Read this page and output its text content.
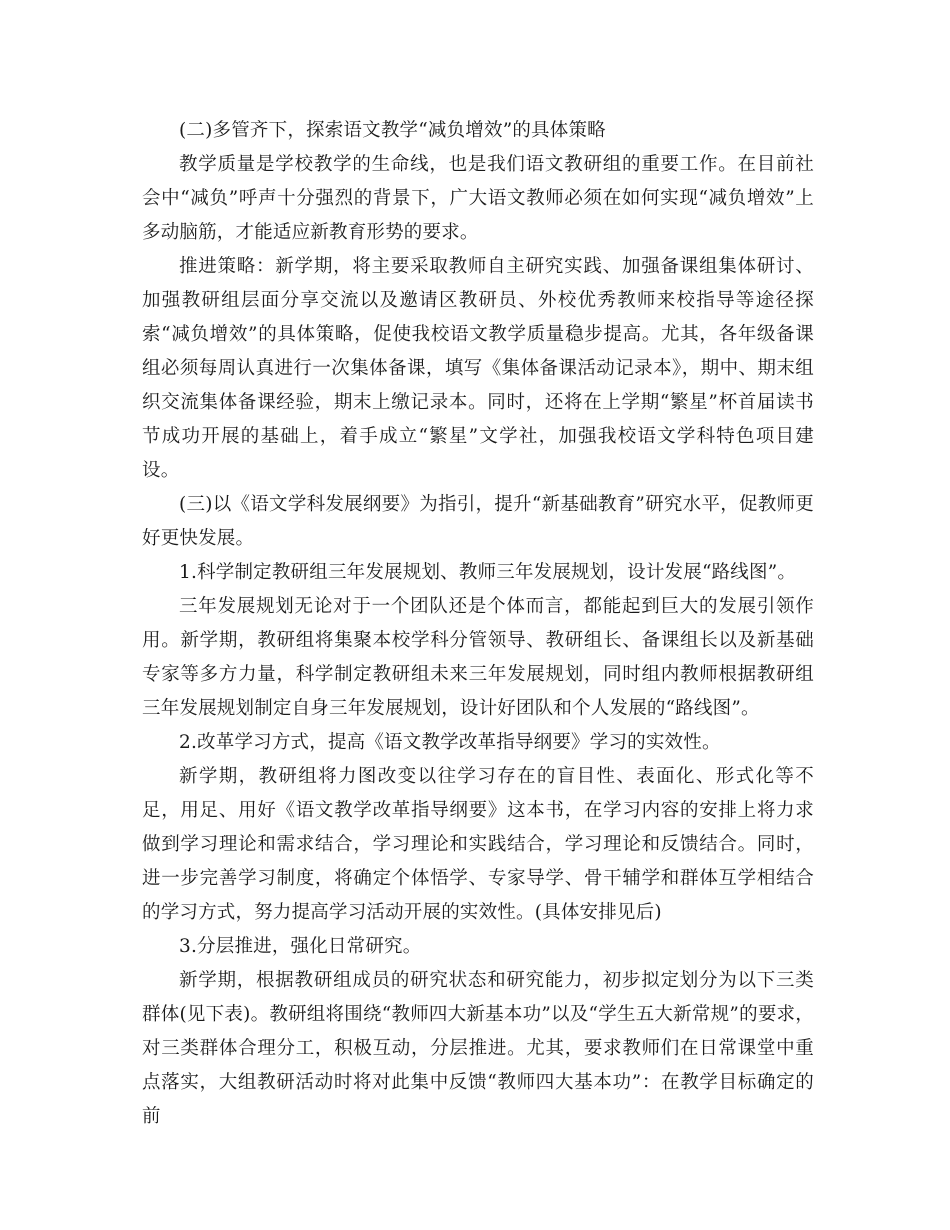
(二)多管齐下，探索语文教学“减负增效”的具体策略

教学质量是学校教学的生命线，也是我们语文教研组的重要工作。在目前社会中“减负”呼声十分强烈的背景下，广大语文教师必须在如何实现“减负增效”上多动脑筋，才能适应新教育形势的要求。

推进策略：新学期，将主要采取教师自主研究实践、加强备课组集体研讨、加强教研组层面分享交流以及邀请区教研员、外校优秀教师来校指导等途径探索“减负增效”的具体策略，促使我校语文教学质量稳步提高。尤其，各年级备课组必须每周认真进行一次集体备课，填写《集体备课活动记录本》，期中、期末组织交流集体备课经验，期末上缴记录本。同时，还将在上学期“繁星”杯首届读书节成功开展的基础上，着手成立“繁星”文学社，加强我校语文学科特色项目建设。

(三)以《语文学科发展纲要》为指引，提升“新基础教育”研究水平，促教师更好更快发展。

1.科学制定教研组三年发展规划、教师三年发展规划，设计发展“路线图”。

三年发展规划无论对于一个团队还是个体而言，都能起到巨大的发展引领作用。新学期，教研组将集聚本校学科分管领导、教研组长、备课组长以及新基础专家等多方力量，科学制定教研组未来三年发展规划，同时组内教师根据教研组三年发展规划制定自身三年发展规划，设计好团队和个人发展的“路线图”。

2.改革学习方式，提高《语文教学改革指导纲要》学习的实效性。

新学期，教研组将力图改变以往学习存在的盲目性、表面化、形式化等不足，用足、用好《语文教学改革指导纲要》这本书，在学习内容的安排上将力求做到学习理论和需求结合，学习理论和实践结合，学习理论和反馈结合。同时，进一步完善学习制度，将确定个体悟学、专家导学、骨干辅学和群体互学相结合的学习方式，努力提高学习活动开展的实效性。(具体安排见后)

3.分层推进，强化日常研究。

新学期，根据教研组成员的研究状态和研究能力，初步拟定划分为以下三类群体(见下表)。教研组将围绕“教师四大新基本功”以及“学生五大新常规”的要求，对三类群体合理分工，积极互动，分层推进。尤其，要求教师们在日常课堂中重点落实，大组教研活动时将对此集中反馈“教师四大基本功”：在教学目标确定的前
